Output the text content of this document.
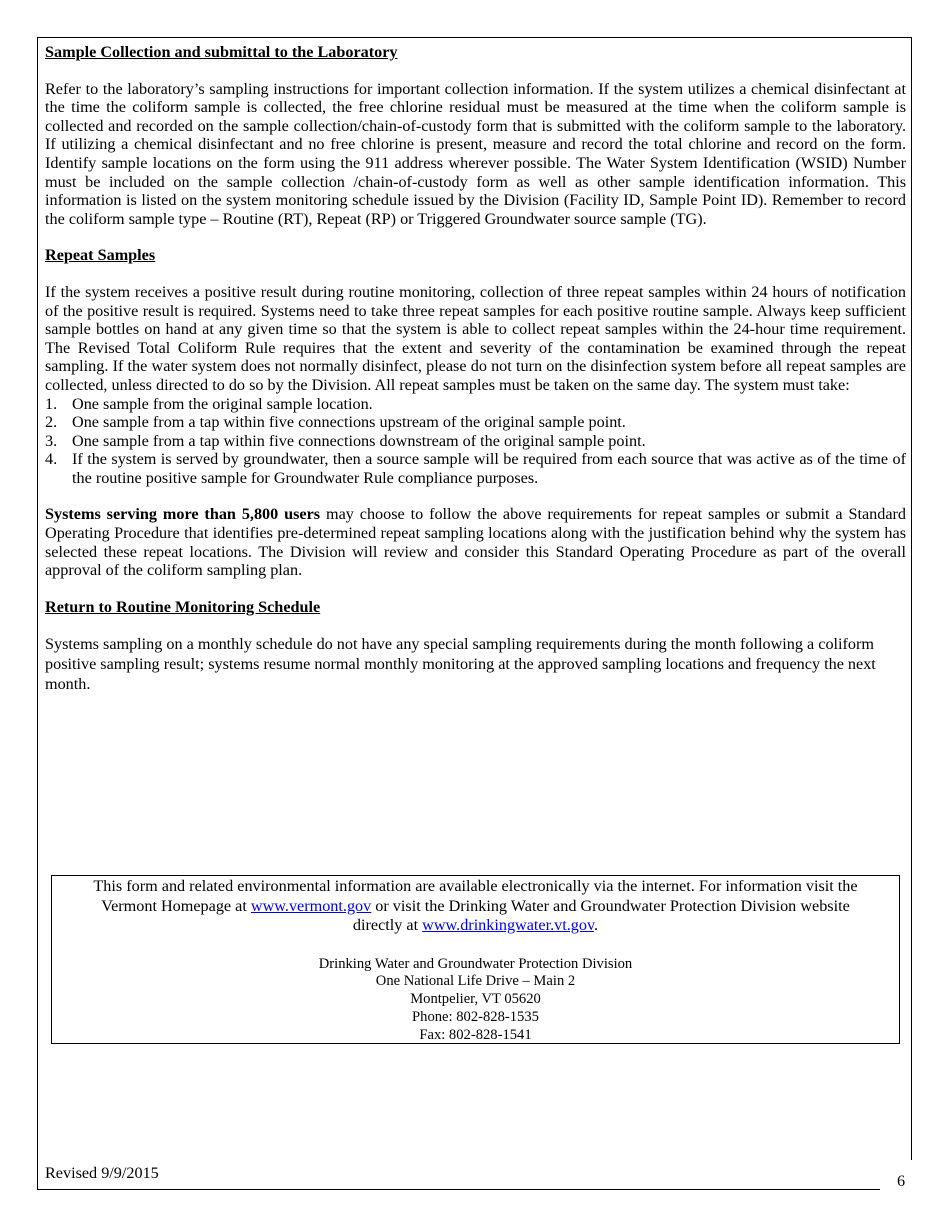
Sample Collection and submittal to the Laboratory
Refer to the laboratory’s sampling instructions for important collection information. If the system utilizes a chemical disinfectant at the time the coliform sample is collected, the free chlorine residual must be measured at the time when the coliform sample is collected and recorded on the sample collection/chain-of-custody form that is submitted with the coliform sample to the laboratory. If utilizing a chemical disinfectant and no free chlorine is present, measure and record the total chlorine and record on the form. Identify sample locations on the form using the 911 address wherever possible. The Water System Identification (WSID) Number must be included on the sample collection /chain-of-custody form as well as other sample identification information. This information is listed on the system monitoring schedule issued by the Division (Facility ID, Sample Point ID). Remember to record the coliform sample type – Routine (RT), Repeat (RP) or Triggered Groundwater source sample (TG).
Repeat Samples
If the system receives a positive result during routine monitoring, collection of three repeat samples within 24 hours of notification of the positive result is required. Systems need to take three repeat samples for each positive routine sample. Always keep sufficient sample bottles on hand at any given time so that the system is able to collect repeat samples within the 24-hour time requirement. The Revised Total Coliform Rule requires that the extent and severity of the contamination be examined through the repeat sampling. If the water system does not normally disinfect, please do not turn on the disinfection system before all repeat samples are collected, unless directed to do so by the Division. All repeat samples must be taken on the same day. The system must take:
1. One sample from the original sample location.
2. One sample from a tap within five connections upstream of the original sample point.
3. One sample from a tap within five connections downstream of the original sample point.
4. If the system is served by groundwater, then a source sample will be required from each source that was active as of the time of the routine positive sample for Groundwater Rule compliance purposes.
Systems serving more than 5,800 users may choose to follow the above requirements for repeat samples or submit a Standard Operating Procedure that identifies pre-determined repeat sampling locations along with the justification behind why the system has selected these repeat locations. The Division will review and consider this Standard Operating Procedure as part of the overall approval of the coliform sampling plan.
Return to Routine Monitoring Schedule
Systems sampling on a monthly schedule do not have any special sampling requirements during the month following a coliform positive sampling result; systems resume normal monthly monitoring at the approved sampling locations and frequency the next month.
This form and related environmental information are available electronically via the internet. For information visit the
Vermont Homepage at www.vermont.gov or visit the Drinking Water and Groundwater Protection Division website
directly at www.drinkingwater.vt.gov.
Drinking Water and Groundwater Protection Division
One National Life Drive – Main 2
Montpelier, VT 05620
Phone: 802-828-1535
Fax: 802-828-1541
Revised 9/9/2015	6
